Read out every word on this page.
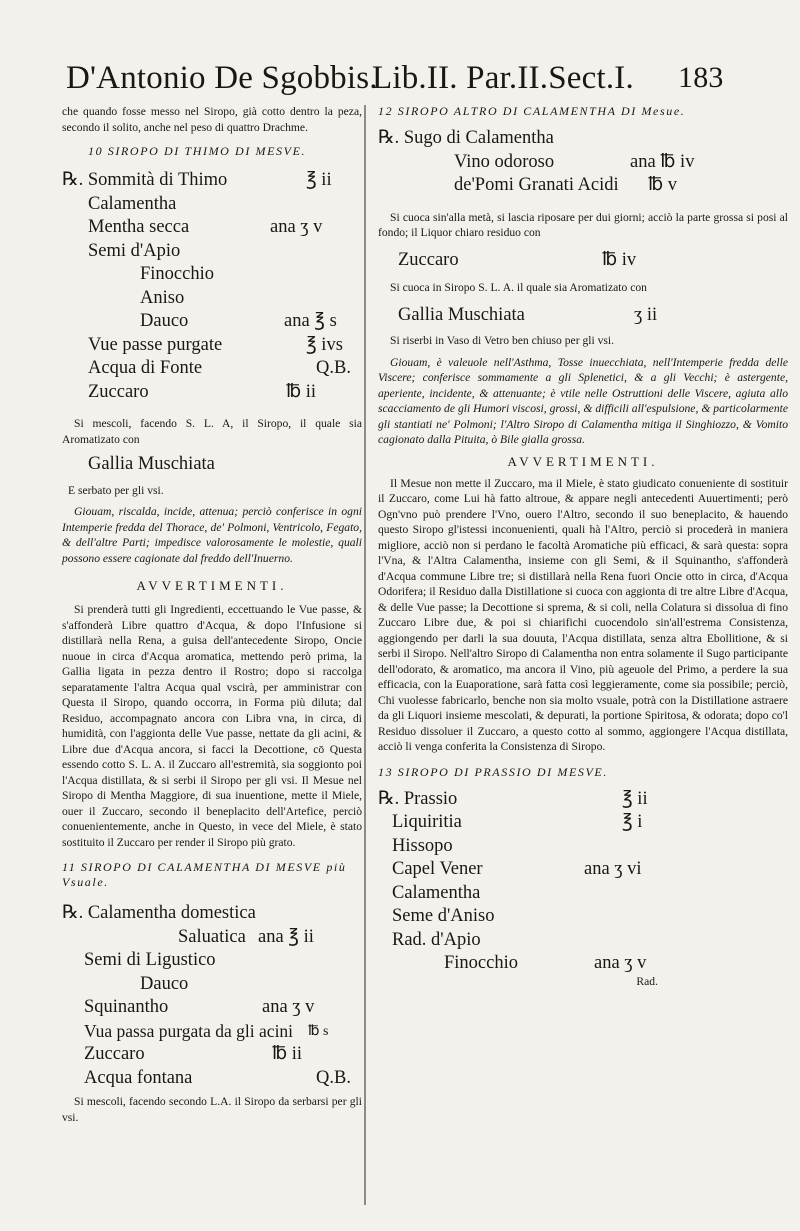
D'Antonio De Sgobbis.
Lib.II. Par.II.Sect.I. 183

che quando fosse messo nel Siropo, già cotto dentro la peza, secondo il solito, anche nel peso di quattro Drachme.

10 SIROPO DI THIMO DI MESVE.

℞. Sommità di Thimo	℥ ii

Calamentha

Mentha secca	ana ʒ v

Semi d'Apio

Finocchio

Aniso

Dauco	ana ℥ s

Vue passe purgate	℥ ivs

Acqua di Fonte	Q.B.

Zuccaro	℔ ii

Si mescoli, facendo S. L. A, il Siropo, il quale sia Aromatizato con

Gallia Muschiata

E serbato per gli vsi.

Giouam, riscalda, incide, attenua; perciò conferisce in ogni Intemperie fredda del Thorace, de' Polmoni, Ventricolo, Fegato, & dell'altre Parti; impedisce valorosamente le molestie, quali possono essere cagionate dal freddo dell'Inuerno.

AVVERTIMENTI.

Si prenderà tutti gli Ingredienti, eccettuando le Vue passe, & s'affonderà Libre quattro d'Acqua, & dopo l'Infusione si distillarà nella Rena, a guisa dell'antecedente Siropo, Oncie nuoue in circa d'Acqua aromatica, mettendo però prima, la Gallia ligata in pezza dentro il Rostro; dopo si raccolga separatamente l'altra Acqua qual vscirà, per amministrar con Questa il Siropo, quando occorra, in Forma più diluta; dal Residuo, accompagnato ancora con Libra vna, in circa, di humidità, con l'aggionta delle Vue passe, nettate da gli acini, & Libre due d'Acqua ancora, si facci la Decottione, cō Questa essendo cotto S. L. A. il Zuccaro all'estremità, sia soggionto poi l'Acqua distillata, & si serbi il Siropo per gli vsi. Il Mesue nel Siropo di Mentha Maggiore, di sua inuentione, mette il Miele, ouer il Zuccaro, secondo il beneplacito dell'Artefice, perciò conuenientemente, anche in Questo, in vece del Miele, è stato sostituito il Zuccaro per render il Siropo più grato.

11 SIROPO DI CALAMENTHA DI MESVE più Vsuale.

℞. Calamentha domestica

Saluatica ana ℥ ii

Semi di Ligustico

Dauco

Squinantho	ana ʒ v

Vua passa purgata da gli acini ℔ s

Zuccaro	℔ ii

Acqua fontana	Q.B.

Si mescoli, facendo secondo L.A. il Siropo da serbarsi per gli vsi.

12 SIROPO ALTRO DI CALAMENTHA DI Mesue.

℞. Sugo di Calamentha

Vino odoroso	ana ℔ iv

de'Pomi Granati Acidi ℔ v

Si cuoca sin'alla metà, si lascia riposare per dui giorni; acciò la parte grossa si posi al fondo; il Liquor chiaro residuo con

Zuccaro	℔ iv

Si cuoca in Siropo S. L. A. il quale sia Aromatizato con

Gallia Muschiata	ʒ ii

Si riserbi in Vaso di Vetro ben chiuso per gli vsi.

Giouam, è valeuole nell'Asthma, Tosse inuecchiata, nell'Intemperie fredda delle Viscere; conferisce sommamente a gli Splenetici, & a gli Vecchi; è astergente, aperiente, incidente, & attenuante; è vtile nelle Ostruttioni delle Viscere, agiuta allo scacciamento de gli Humori viscosi, grossi, & difficili all'espulsione, & particolarmente gli stantiati ne' Polmoni; l'Altro Siropo di Calamentha mitiga il Singhiozzo, & Vomito cagionato dalla Pituita, ò Bile gialla grossa.

AVVERTIMENTI.

Il Mesue non mette il Zuccaro, ma il Miele, è stato giudicato conueniente di sostituir il Zuccaro, come Lui hà fatto altroue, & appare negli antecedenti Auuertimenti; però Ogn'vno può prendere l'Vno, ouero l'Altro, secondo il suo beneplacito, & hauendo questo Siropo gl'istessi inconuenienti, quali hà l'Altro, perciò si procederà in maniera migliore, acciò non si perdano le facoltà Aromatiche più efficaci, & sarà questa: sopra l'Vna, & l'Altra Calamentha, insieme con gli Semi, & il Squinantho, s'affonderà d'Acqua commune Libre tre; si distillarà nella Rena fuori Oncie otto in circa, d'Acqua Odorifera; il Residuo dalla Distillatione si cuoca con aggionta di tre altre Libre d'Acqua, & delle Vue passe; la Decottione si sprema, & si coli, nella Colatura si dissolua di fino Zuccaro Libre due, & poi si chiarifichi cuocendolo sin'all'estrema Consistenza, aggiongendo per darli la sua douuta, l'Acqua distillata, senza altra Ebollitione, & si serbi il Siropo. Nell'altro Siropo di Calamentha non entra solamente il Sugo participante dell'odorato, & aromatico, ma ancora il Vino, più ageuole del Primo, a perdere la sua efficacia, con la Euaporatione, sarà fatta così leggieramente, come sia possibile; perciò, Chi vuolesse fabricarlo, benche non sia molto vsuale, potrà con la Distillatione astraere da gli Liquori insieme mescolati, & depurati, la portione Spiritosa, & odorata; dopo co'l Residuo dissoluer il Zuccaro, a questo cotto al sommo, aggiongere l'Acqua distillata, acciò li venga conferita la Consistenza di Siropo.

13 SIROPO DI PRASSIO DI MESVE.

℞. Prassio	℥ ii

Liquiritia	℥ i

Hissopo

Capel Vener	ana ʒ vi

Calamentha

Seme d'Aniso

Rad. d'Apio

Finocchio	ana ʒ v

Rad.
